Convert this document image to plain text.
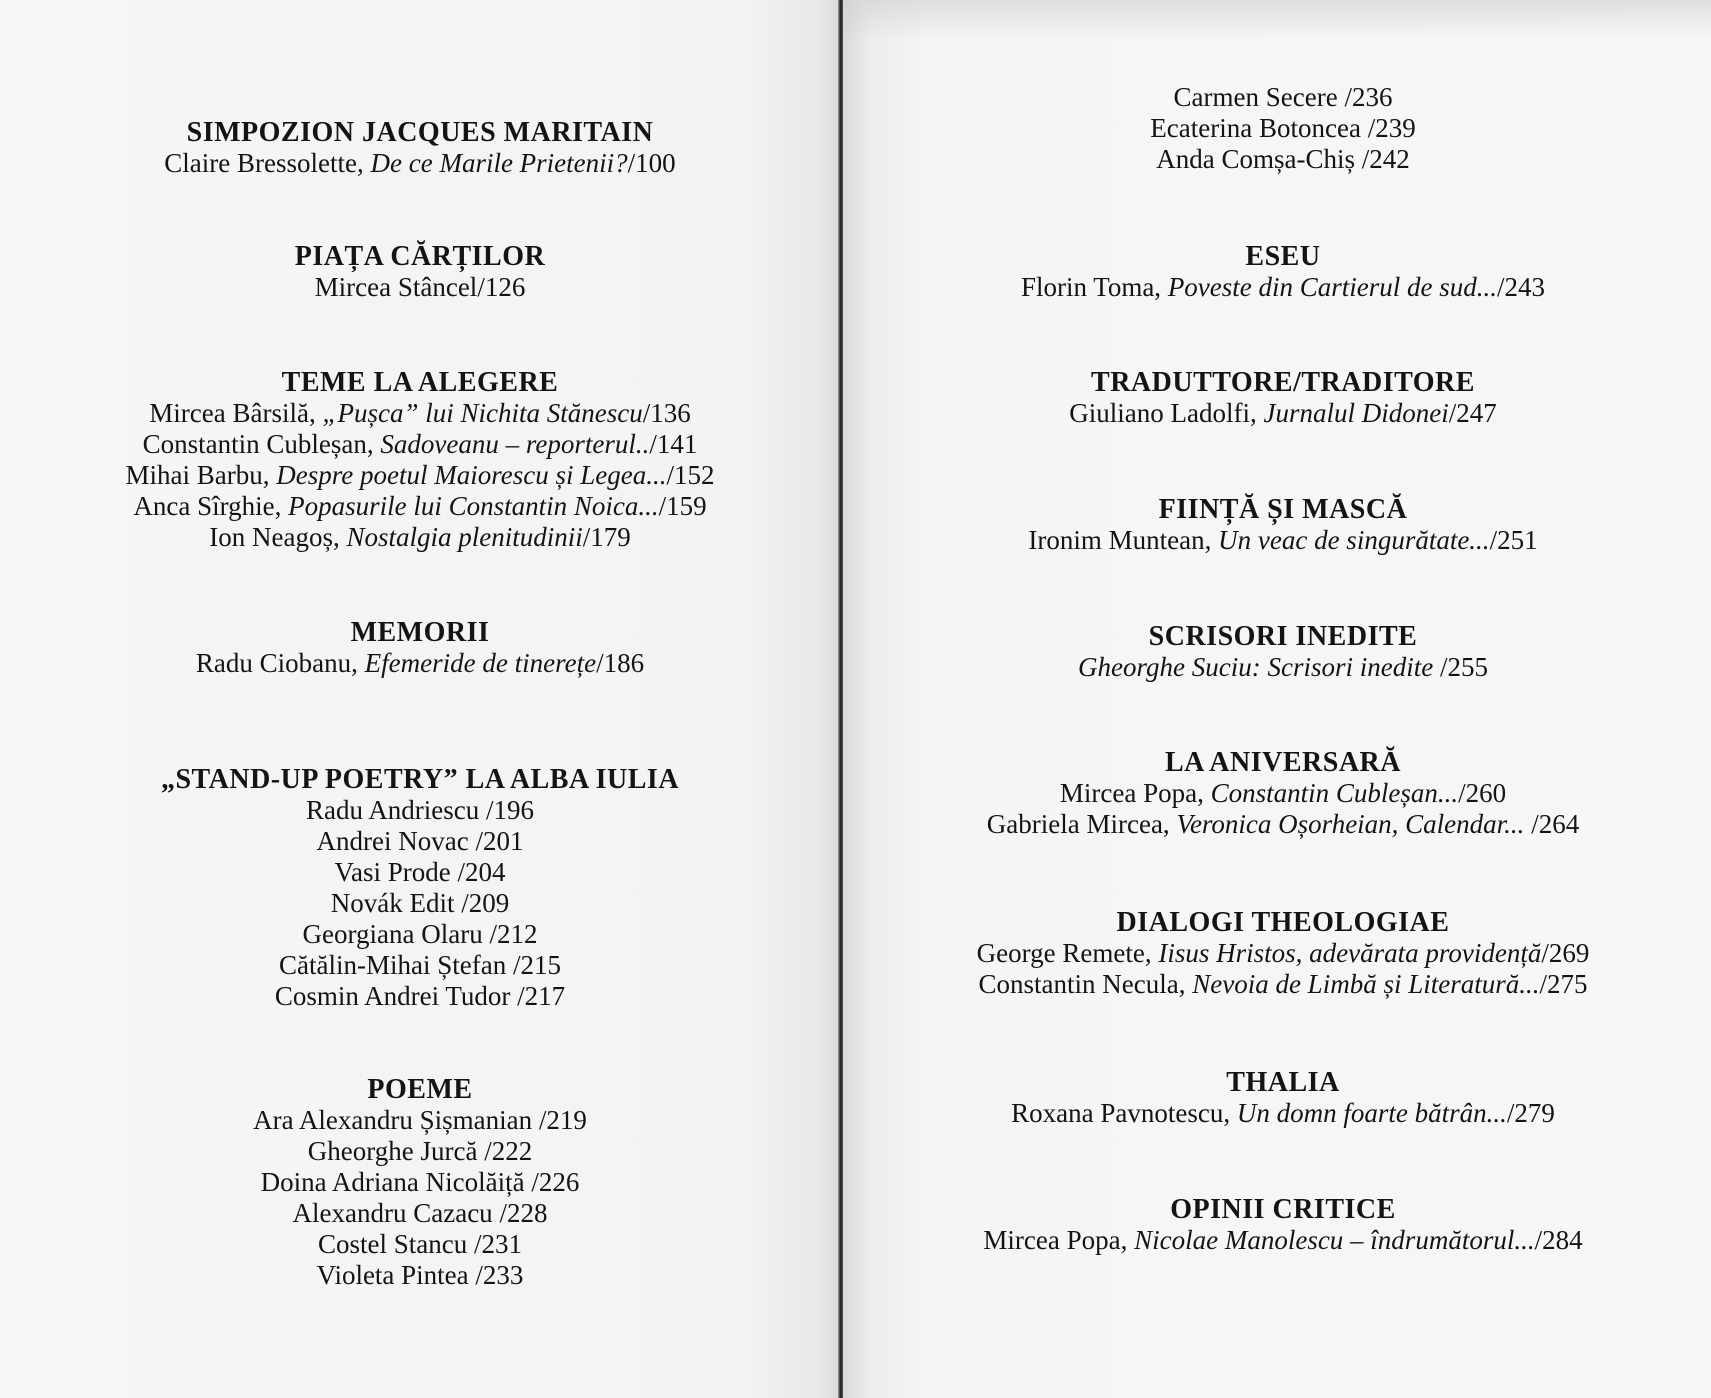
SIMPOZION JACQUES MARITAIN
Claire Bressolette, De ce Marile Prietenii?/100
PIAȚA CĂRȚILOR
Mircea Stâncel/126
TEME LA ALEGERE
Mircea Bârsilă, „Pușca” lui Nichita Stănescu/136
Constantin Cubleșan, Sadoveanu – reporterul../141
Mihai Barbu, Despre poetul Maiorescu și Legea.../152
Anca Sîrghie, Popasurile lui Constantin Noica.../159
Ion Neagoș, Nostalgia plenitudinii/179
MEMORII
Radu Ciobanu, Efemeride de tinerețe/186
„STAND-UP POETRY” LA ALBA IULIA
Radu Andriescu /196
Andrei Novac /201
Vasi Prode /204
Novák Edit /209
Georgiana Olaru /212
Cătălin-Mihai Ștefan /215
Cosmin Andrei Tudor /217
POEME
Ara Alexandru Șișmanian /219
Gheorghe Jurcă /222
Doina Adriana Nicolăiță /226
Alexandru Cazacu /228
Costel Stancu /231
Violeta Pintea /233
Carmen Secere /236
Ecaterina Botoncea /239
Anda Comșa-Chiș /242
ESEU
Florin Toma, Poveste din Cartierul de sud.../243
TRADUTTORE/TRADITORE
Giuliano Ladolfi, Jurnalul Didonei/247
FIINȚĂ ȘI MASCĂ
Ironim Muntean, Un veac de singurătate.../251
SCRISORI INEDITE
Gheorghe Suciu: Scrisori inedite /255
LA ANIVERSARĂ
Mircea Popa, Constantin Cubleșan.../260
Gabriela Mircea, Veronica Oșorheian, Calendar... /264
DIALOGI THEOLOGIAE
George Remete, Iisus Hristos, adevărata providență/269
Constantin Necula, Nevoia de Limbă și Literatură.../275
THALIA
Roxana Pavnotescu, Un domn foarte bătrân.../279
OPINII CRITICE
Mircea Popa, Nicolae Manolescu – îndrumătorul.../284
